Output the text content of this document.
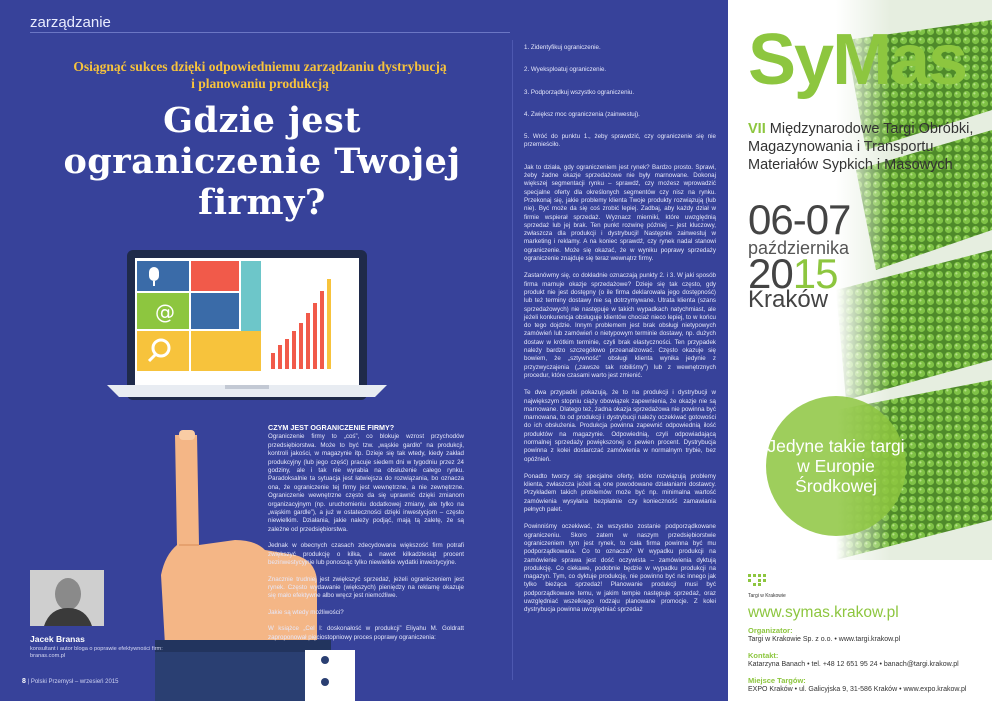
zarządzanie
Osiągnąć sukces dzięki odpowiedniemu zarządzaniu dystrybucją i planowaniu produkcją
Gdzie jest ograniczenie Twojej firmy?
@
CZYM JEST OGRANICZENIE FIRMY?

Ograniczenie firmy to „coś”, co blokuje wzrost przychodów przedsiębiorstwa. Może to być tzw. „wąskie gardło” na produkcji, kontroli jakości, w magazynie itp. Dzieje się tak wtedy, kiedy zakład produkcyjny (lub jego część) pracuje siedem dni w tygodniu przez 24 godziny, ale i tak nie wyrabia na obsłużenie całego rynku. Paradoksalnie ta sytuacja jest łatwiejsza do rozwiązania, bo oznacza ona, że ograniczenie tej firmy jest wewnętrzne, a nie zewnętrzne. Ograniczenie wewnętrzne często da się uprawnić dzięki zmianom organizacyjnym (np. uruchomieniu dodatkowej zmiany, ale tylko na „wąskim gardle”), a już w ostateczności dzięki inwestycjom – często niewielkim. Działania, jakie należy podjąć, mają tą zaletę, że są zależne od przedsiębiorstwa.

Jednak w obecnych czasach zdecydowana większość firm potrafi zwiększyć produkcję o kilka, a nawet kilkadziesiąt procent bezinwestycyjnie lub ponosząc tylko niewielkie wydatki inwestycyjne.

Znacznie trudniej jest zwiększyć sprzedaż, jeżeli ograniczeniem jest rynek. Często wydawanie (większych) pieniędzy na reklamę okazuje się mało efektywne albo wręcz jest niemożliwe.

Jakie są wtedy możliwości?

W książce „Cel I: doskonałość w produkcji” Eliyahu M. Goldratt zaproponował pięciostopniowy proces poprawy ograniczenia:

Jacek Branas
konsultant i autor bloga o poprawie efektywności firm: branas.com.pl
8 | Polski Przemysł – wrzesień 2015
1. Zidentyfikuj ograniczenie.
2. Wyeksploatuj ograniczenie.
3. Podporządkuj wszystko ograniczeniu.
4. Zwiększ moc ograniczenia (zainwestuj).
5. Wróć do punktu 1., żeby sprawdzić, czy ograniczenie się nie przemieściło.

Jak to działa, gdy ograniczeniem jest rynek? Bardzo prosto. Sprawi, żeby żadne okazje sprzedażowe nie były marnowane. Dokonaj większej segmentacji rynku – sprawdź, czy możesz wprowadzić specjalne oferty dla określonych segmentów czy nisz na rynku. Przekonaj się, jakie problemy klienta Twoje produkty rozwiązują (lub nie). Być może da się coś zrobić lepiej. Zadbaj, aby każdy dział w firmie wspierał sprzedaż. Wyznacz mierniki, które uwzględnią sprzedaż lub jej brak. Ten punkt rozwinę później – jest kluczowy, zwłaszcza dla produkcji i dystrybucji! Następnie zainwestuj w marketing i reklamy. A na koniec sprawdź, czy rynek nadal stanowi ograniczenie. Może się okazać, że w wyniku poprawy sprzedaży ograniczenie znajduje się teraz wewnątrz firmy.

Zastanówmy się, co dokładnie oznaczają punkty 2. i 3. W jaki sposób firma marnuje okazje sprzedażowe? Dzieje się tak często, gdy produkt nie jest dostępny (o ile firma deklarowała jego dostępność) lub też terminy dostawy nie są dotrzymywane. Utrata klienta (szans sprzedażowych) nie następuje w takich wypadkach natychmiast, ale jeżeli konkurencja obsługuje klientów chociaż nieco lepiej, to w końcu do tego dojdzie. Innym problemem jest brak obsługi nietypowych zamówień lub zamówień o nietypowym terminie dostawy, np. dużych dostaw w krótkim terminie, czyli brak elastyczności. Ten przypadek należy bardzo szczegółowo przeanalizować. Często okazuje się bowiem, że „sztywność” obsługi klienta wynika jedynie z przyzwyczajenia („zawsze tak robiliśmy”) lub z wewnętrznych procedur, które czasami warto jest zmienić.

Te dwa przypadki pokazują, że to na produkcji i dystrybucji w największym stopniu ciąży obowiązek zapewnienia, że okazje nie są marnowane. Dlatego też, żadna okazja sprzedażowa nie powinna być marnowana, to od produkcji i dystrybucji należy oczekiwać gotowości do ich obsłużenia. Produkcja powinna zapewnić odpowiednią ilość produktów na magazynie. Odpowiednią, czyli odpowiadającą normalnej sprzedaży powiększonej o pewien procent. Dystrybucja powinna z kolei dostarczać zamówienia w normalnym trybie, bez opóźnień.

Ponadto tworzy się specjalne oferty, które rozwiązują problemy klienta, zwłaszcza jeżeli są one powodowane działaniami dostawcy. Przykładem takich problemów może być np. minimalna wartość zamówienia wysyłana bezpłatnie czy konieczność zamawiania pełnych palet.

Powinniśmy oczekiwać, że wszystko zostanie podporządkowane ograniczeniu. Skoro zatem w naszym przedsiębiorstwie ograniczeniem tym jest rynek, to cała firma powinna być mu podporządkowana. Co to oznacza? W wypadku produkcji na zamówienie sprawa jest dość oczywista – zamówienia dyktują produkcję. Co ciekawe, podobnie będzie w wypadku produkcji na magazyn. Tym, co dyktuje produkcję, nie powinno być nic innego jak tylko bieżąca sprzedaż! Planowanie produkcji musi być podporządkowane temu, w jakim tempie następuje sprzedaż, oraz uwzględniać wszelkiego rodzaju planowane promocje. Z kolei dystrybucja powinna uwzględniać sprzedaż

SyMas
VII Międzynarodowe Targi Obróbki, Magazynowania i Transportu Materiałów Sypkich i Masowych
06-07
października
2015
Kraków
Jedyne takie targi w Europie Środkowej
Targi w Krakowie
www.symas.krakow.pl
Organizator:
Targi w Krakowie Sp. z o.o. • www.targi.krakow.pl
Kontakt:
Katarzyna Banach • tel. +48 12 651 95 24 • banach@targi.krakow.pl
Miejsce Targów:
EXPO Kraków • ul. Galicyjska 9, 31-586 Kraków • www.expo.krakow.pl
